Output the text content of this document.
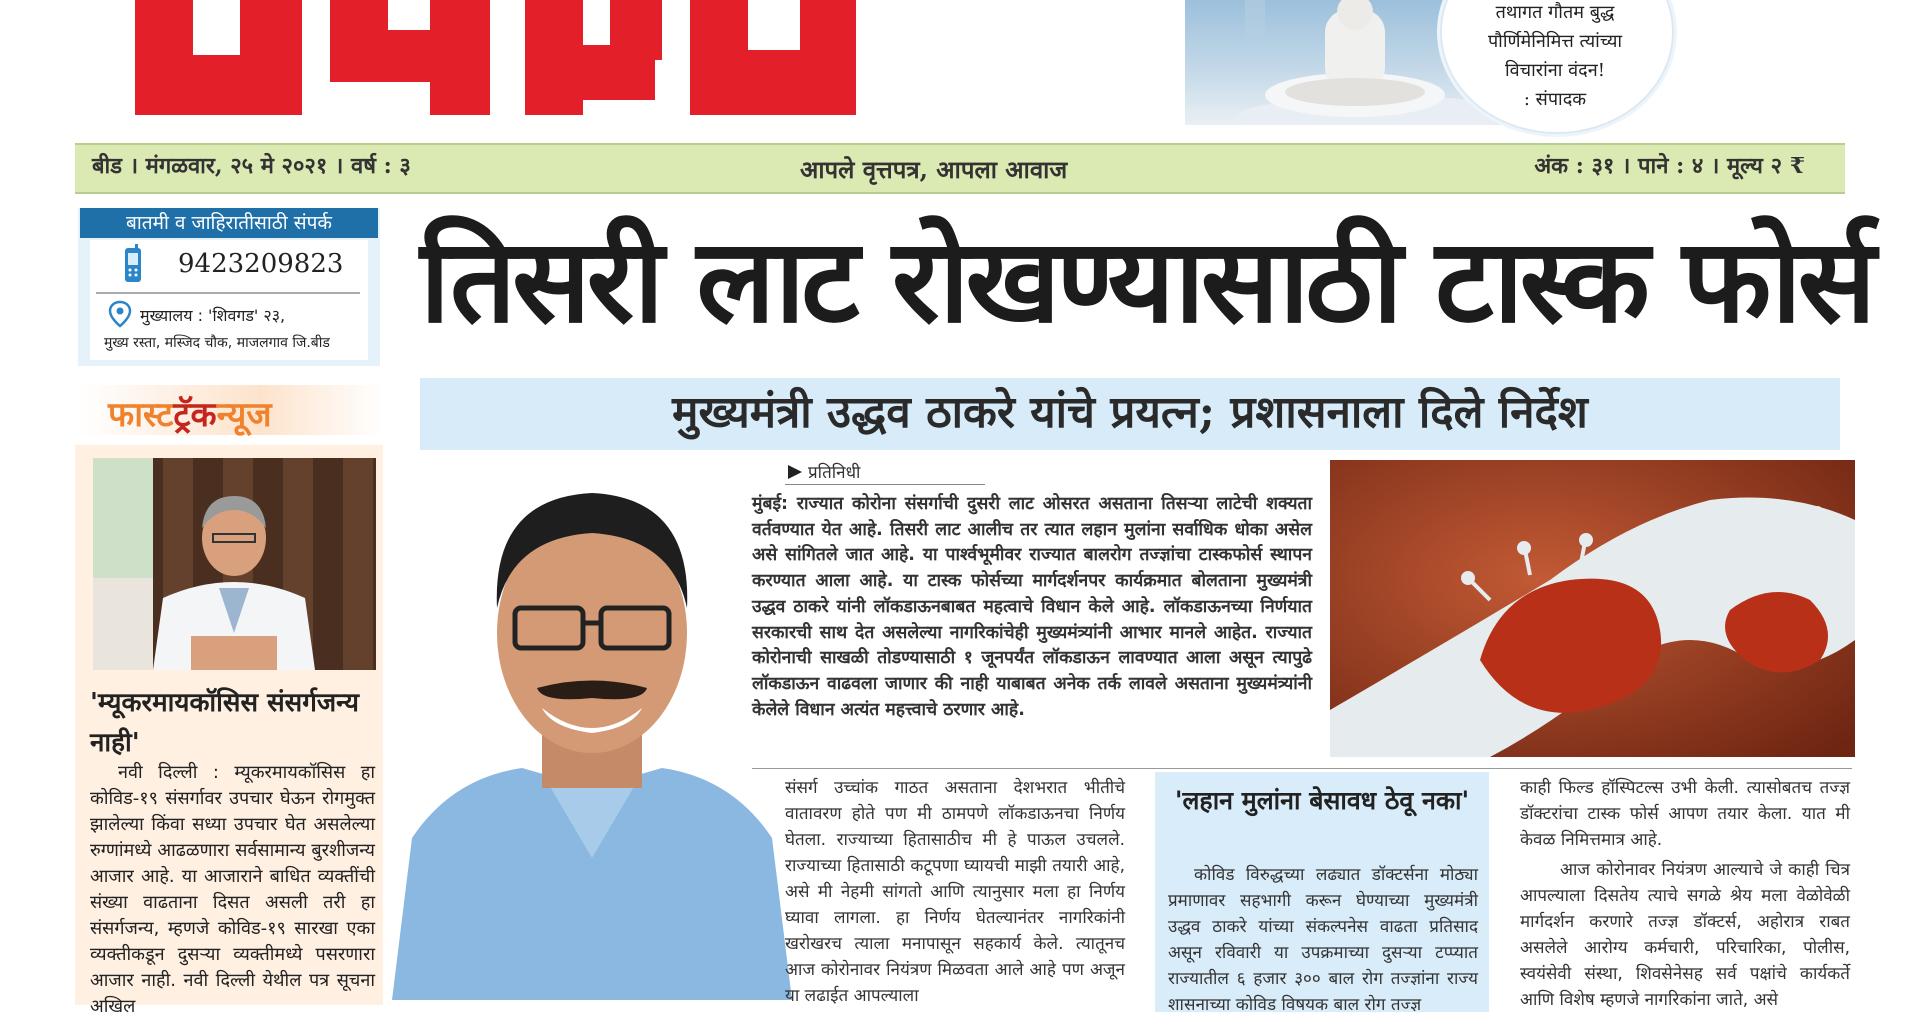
तथागत गौतम बुद्ध
पौर्णिमेनिमित्त त्यांच्या
विचारांना वंदन!
: संपादक
बीड । मंगळवार, २५ मे २०२१ । वर्ष : ३	आपले वृत्तपत्र, आपला आवाज	अंक : ३१ । पाने : ४ । मूल्य २ ₹
बातमी व जाहिरातीसाठी संपर्क
9423209823
मुख्यालय : 'शिवगड' २३,
मुख्य रस्ता, मस्जिद चौक, माजलगाव जि.बीड
फास्टट्रॅकन्यूज
'म्यूकरमायकॉसिस संसर्गजन्य नाही'

नवी दिल्ली : म्यूकरमायकॉसिस हा कोविड-१९ संसर्गावर उपचार घेऊन रोगमुक्त झालेल्या किंवा सध्या उपचार घेत असलेल्या रुग्णांमध्ये आढळणारा सर्वसामान्य बुरशीजन्य आजार आहे. या आजाराने बाधित व्यक्तींची संख्या वाढताना दिसत असली तरी हा संसर्गजन्य, म्हणजे कोविड-१९ सारखा एका व्यक्तीकडून दुसऱ्या व्यक्तीमध्ये पसरणारा आजार नाही. नवी दिल्ली येथील पत्र सूचना अखिल

तिसरी लाट रोखण्यासाठी टास्क फोर्स
मुख्यमंत्री उद्धव ठाकरे यांचे प्रयत्न; प्रशासनाला दिले निर्देश
प्रतिनिधी
मुंबई: राज्यात कोरोना संसर्गाची दुसरी लाट ओसरत असताना तिसऱ्या लाटेची शक्यता वर्तवण्यात येत आहे. तिसरी लाट आलीच तर त्यात लहान मुलांना सर्वाधिक धोका असेल असे सांगितले जात आहे. या पार्श्वभूमीवर राज्यात बालरोग तज्ज्ञांचा टास्कफोर्स स्थापन करण्यात आला आहे. या टास्क फोर्सच्या मार्गदर्शनपर कार्यक्रमात बोलताना मुख्यमंत्री उद्धव ठाकरे यांनी लॉकडाऊनबाबत महत्वाचे विधान केले आहे. लॉकडाऊनच्या निर्णयात सरकारची साथ देत असलेल्या नागरिकांचेही मुख्यमंत्र्यांनी आभार मानले आहेत. राज्यात कोरोनाची साखळी तोडण्यासाठी १ जूनपर्यंत लॉकडाऊन लावण्यात आला असून त्यापुढे लॉकडाऊन वाढवला जाणार की नाही याबाबत अनेक तर्क लावले असताना मुख्यमंत्र्यांनी केलेले विधान अत्यंत महत्त्वाचे ठरणार आहे.

संसर्ग उच्चांक गाठत असताना देशभरात भीतीचे वातावरण होते पण मी ठामपणे लॉकडाऊनचा निर्णय घेतला. राज्याच्या हितासाठीच मी हे पाऊल उचलले. राज्याच्या हितासाठी कटूपणा घ्यायची माझी तयारी आहे, असे मी नेहमी सांगतो आणि त्यानुसार मला हा निर्णय घ्यावा लागला. हा निर्णय घेतल्यानंतर नागरिकांनी खरोखरच त्याला मनापासून सहकार्य केले. त्यातूनच आज कोरोनावर नियंत्रण मिळवता आले आहे पण अजून या लढाईत आपल्याला

'लहान मुलांना बेसावध ठेवू नका'

कोविड विरुद्धच्या लढ्यात डॉक्टर्सना मोठ्या प्रमाणावर सहभागी करून घेण्याच्या मुख्यमंत्री उद्धव ठाकरे यांच्या संकल्पनेस वाढता प्रतिसाद असून रविवारी या उपक्रमाच्या दुसऱ्या टप्प्यात राज्यातील ६ हजार ३०० बाल रोग तज्ज्ञांना राज्य शासनाच्या कोविड विषयक बाल रोग तज्ज्ञ

काही फिल्ड हॉस्पिटल्स उभी केली. त्यासोबतच तज्ज्ञ डॉक्टरांचा टास्क फोर्स आपण तयार केला. यात मी केवळ निमित्तमात्र आहे.

आज कोरोनावर नियंत्रण आल्याचे जे काही चित्र आपल्याला दिसतेय त्याचे सगळे श्रेय मला वेळोवेळी मार्गदर्शन करणारे तज्ज्ञ डॉक्टर्स, अहोरात्र राबत असलेले आरोग्य कर्मचारी, परिचारिका, पोलीस, स्वयंसेवी संस्था, शिवसेनेसह सर्व पक्षांचे कार्यकर्ते आणि विशेष म्हणजे नागरिकांना जाते, असे
